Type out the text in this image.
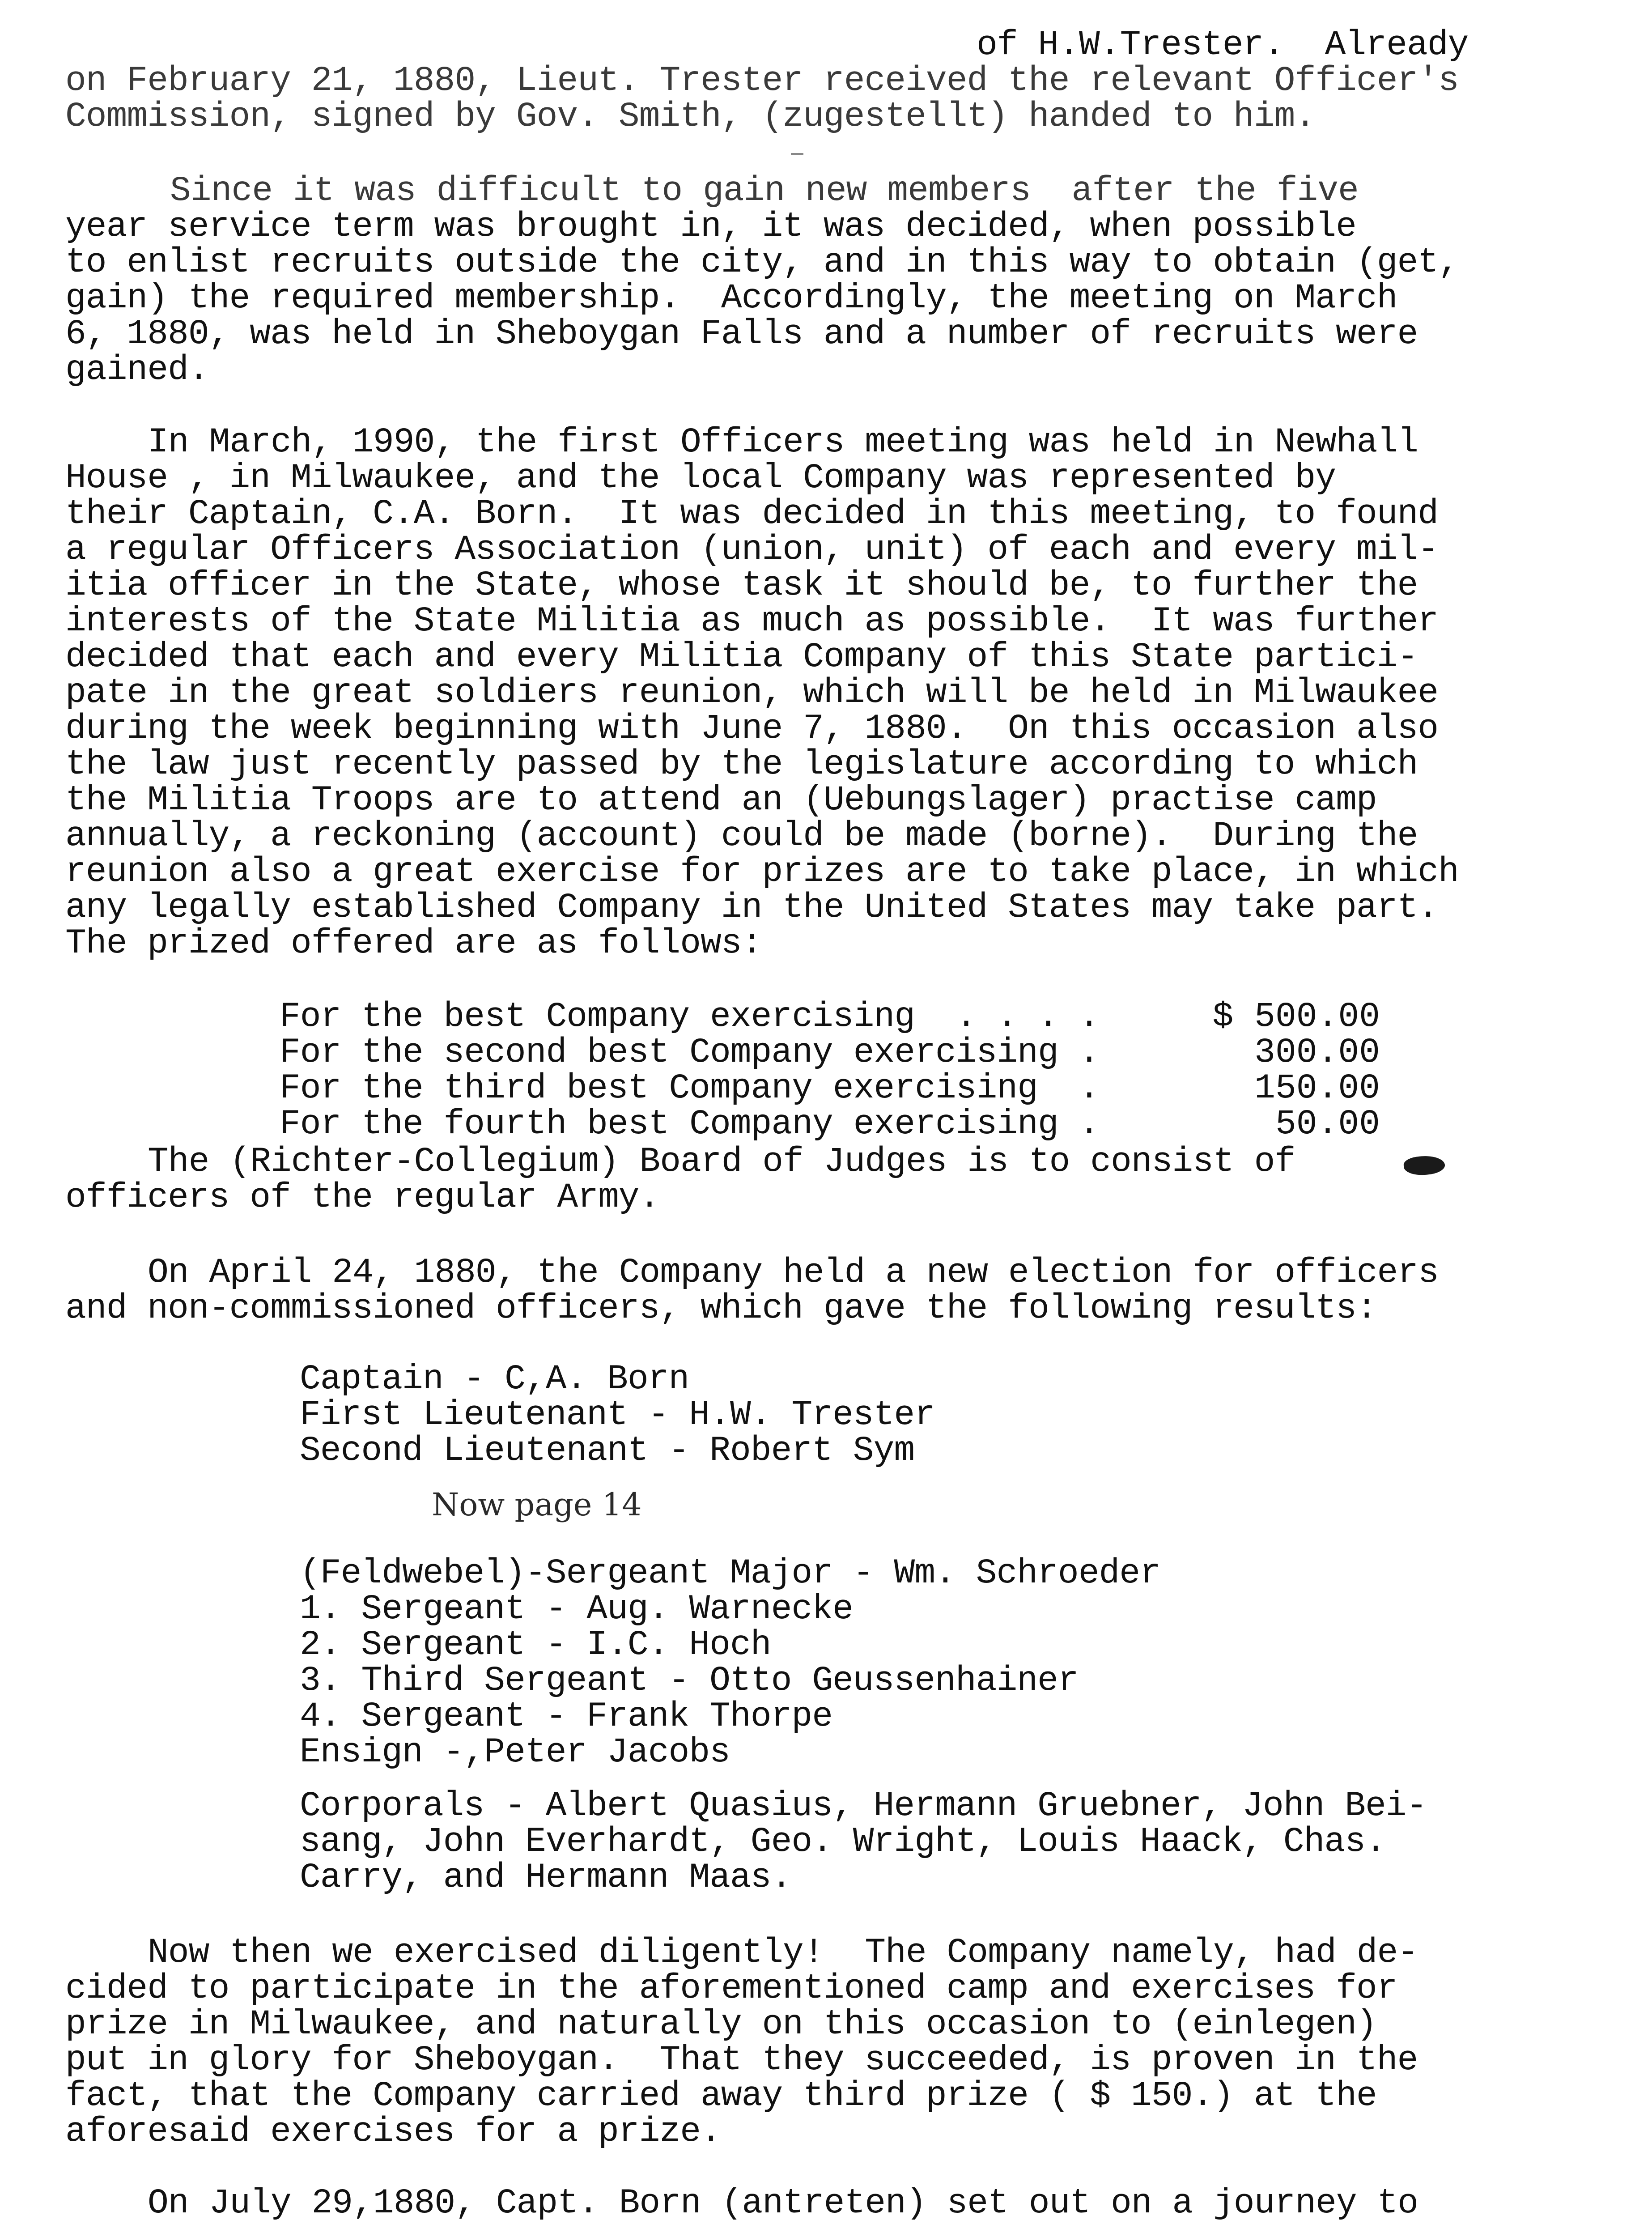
of H.W.Trester.  Already
on February 21, 1880, Lieut. Trester received the relevant Officer's
Commission, signed by Gov. Smith, (zugestellt) handed to him.
Since it was difficult to gain new members  after the five
year service term was brought in, it was decided, when possible
to enlist recruits outside the city, and in this way to obtain (get,
gain) the required membership.  Accordingly, the meeting on March
6, 1880, was held in Sheboygan Falls and a number of recruits were
gained.
In March, 1990, the first Officers meeting was held in Newhall
House , in Milwaukee, and the local Company was represented by
their Captain, C.A. Born.  It was decided in this meeting, to found
a regular Officers Association (union, unit) of each and every mil-
itia officer in the State, whose task it should be, to further the
interests of the State Militia as much as possible.  It was further
decided that each and every Militia Company of this State partici-
pate in the great soldiers reunion, which will be held in Milwaukee
during the week beginning with June 7, 1880.  On this occasion also
the law just recently passed by the legislature according to which
the Militia Troops are to attend an (Uebungslager) practise camp
annually, a reckoning (account) could be made (borne).  During the
reunion also a great exercise for prizes are to take place, in which
any legally established Company in the United States may take part.
The prized offered are as follows:
For the best Company exercising  . . . .	$ 500.00
For the second best Company exercising .	300.00
For the third best Company exercising  .	150.00
For the fourth best Company exercising .	50.00
The (Richter-Collegium) Board of Judges is to consist of
officers of the regular Army.
On April 24, 1880, the Company held a new election for officers
and non-commissioned officers, which gave the following results:
Captain - C,A. Born
First Lieutenant - H.W. Trester
Second Lieutenant - Robert Sym
Now page 14
(Feldwebel)-Sergeant Major - Wm. Schroeder
1. Sergeant - Aug. Warnecke
2. Sergeant - I.C. Hoch
3. Third Sergeant - Otto Geussenhainer
4. Sergeant - Frank Thorpe
Ensign -,Peter Jacobs
Corporals - Albert Quasius, Hermann Gruebner, John Bei-
sang, John Everhardt, Geo. Wright, Louis Haack, Chas.
Carry, and Hermann Maas.
Now then we exercised diligently!  The Company namely, had de-
cided to participate in the aforementioned camp and exercises for
prize in Milwaukee, and naturally on this occasion to (einlegen)
put in glory for Sheboygan.  That they succeeded, is proven in the
fact, that the Company carried away third prize ( $ 150.) at the
aforesaid exercises for a prize.
On July 29,1880, Capt. Born (antreten) set out on a journey to
